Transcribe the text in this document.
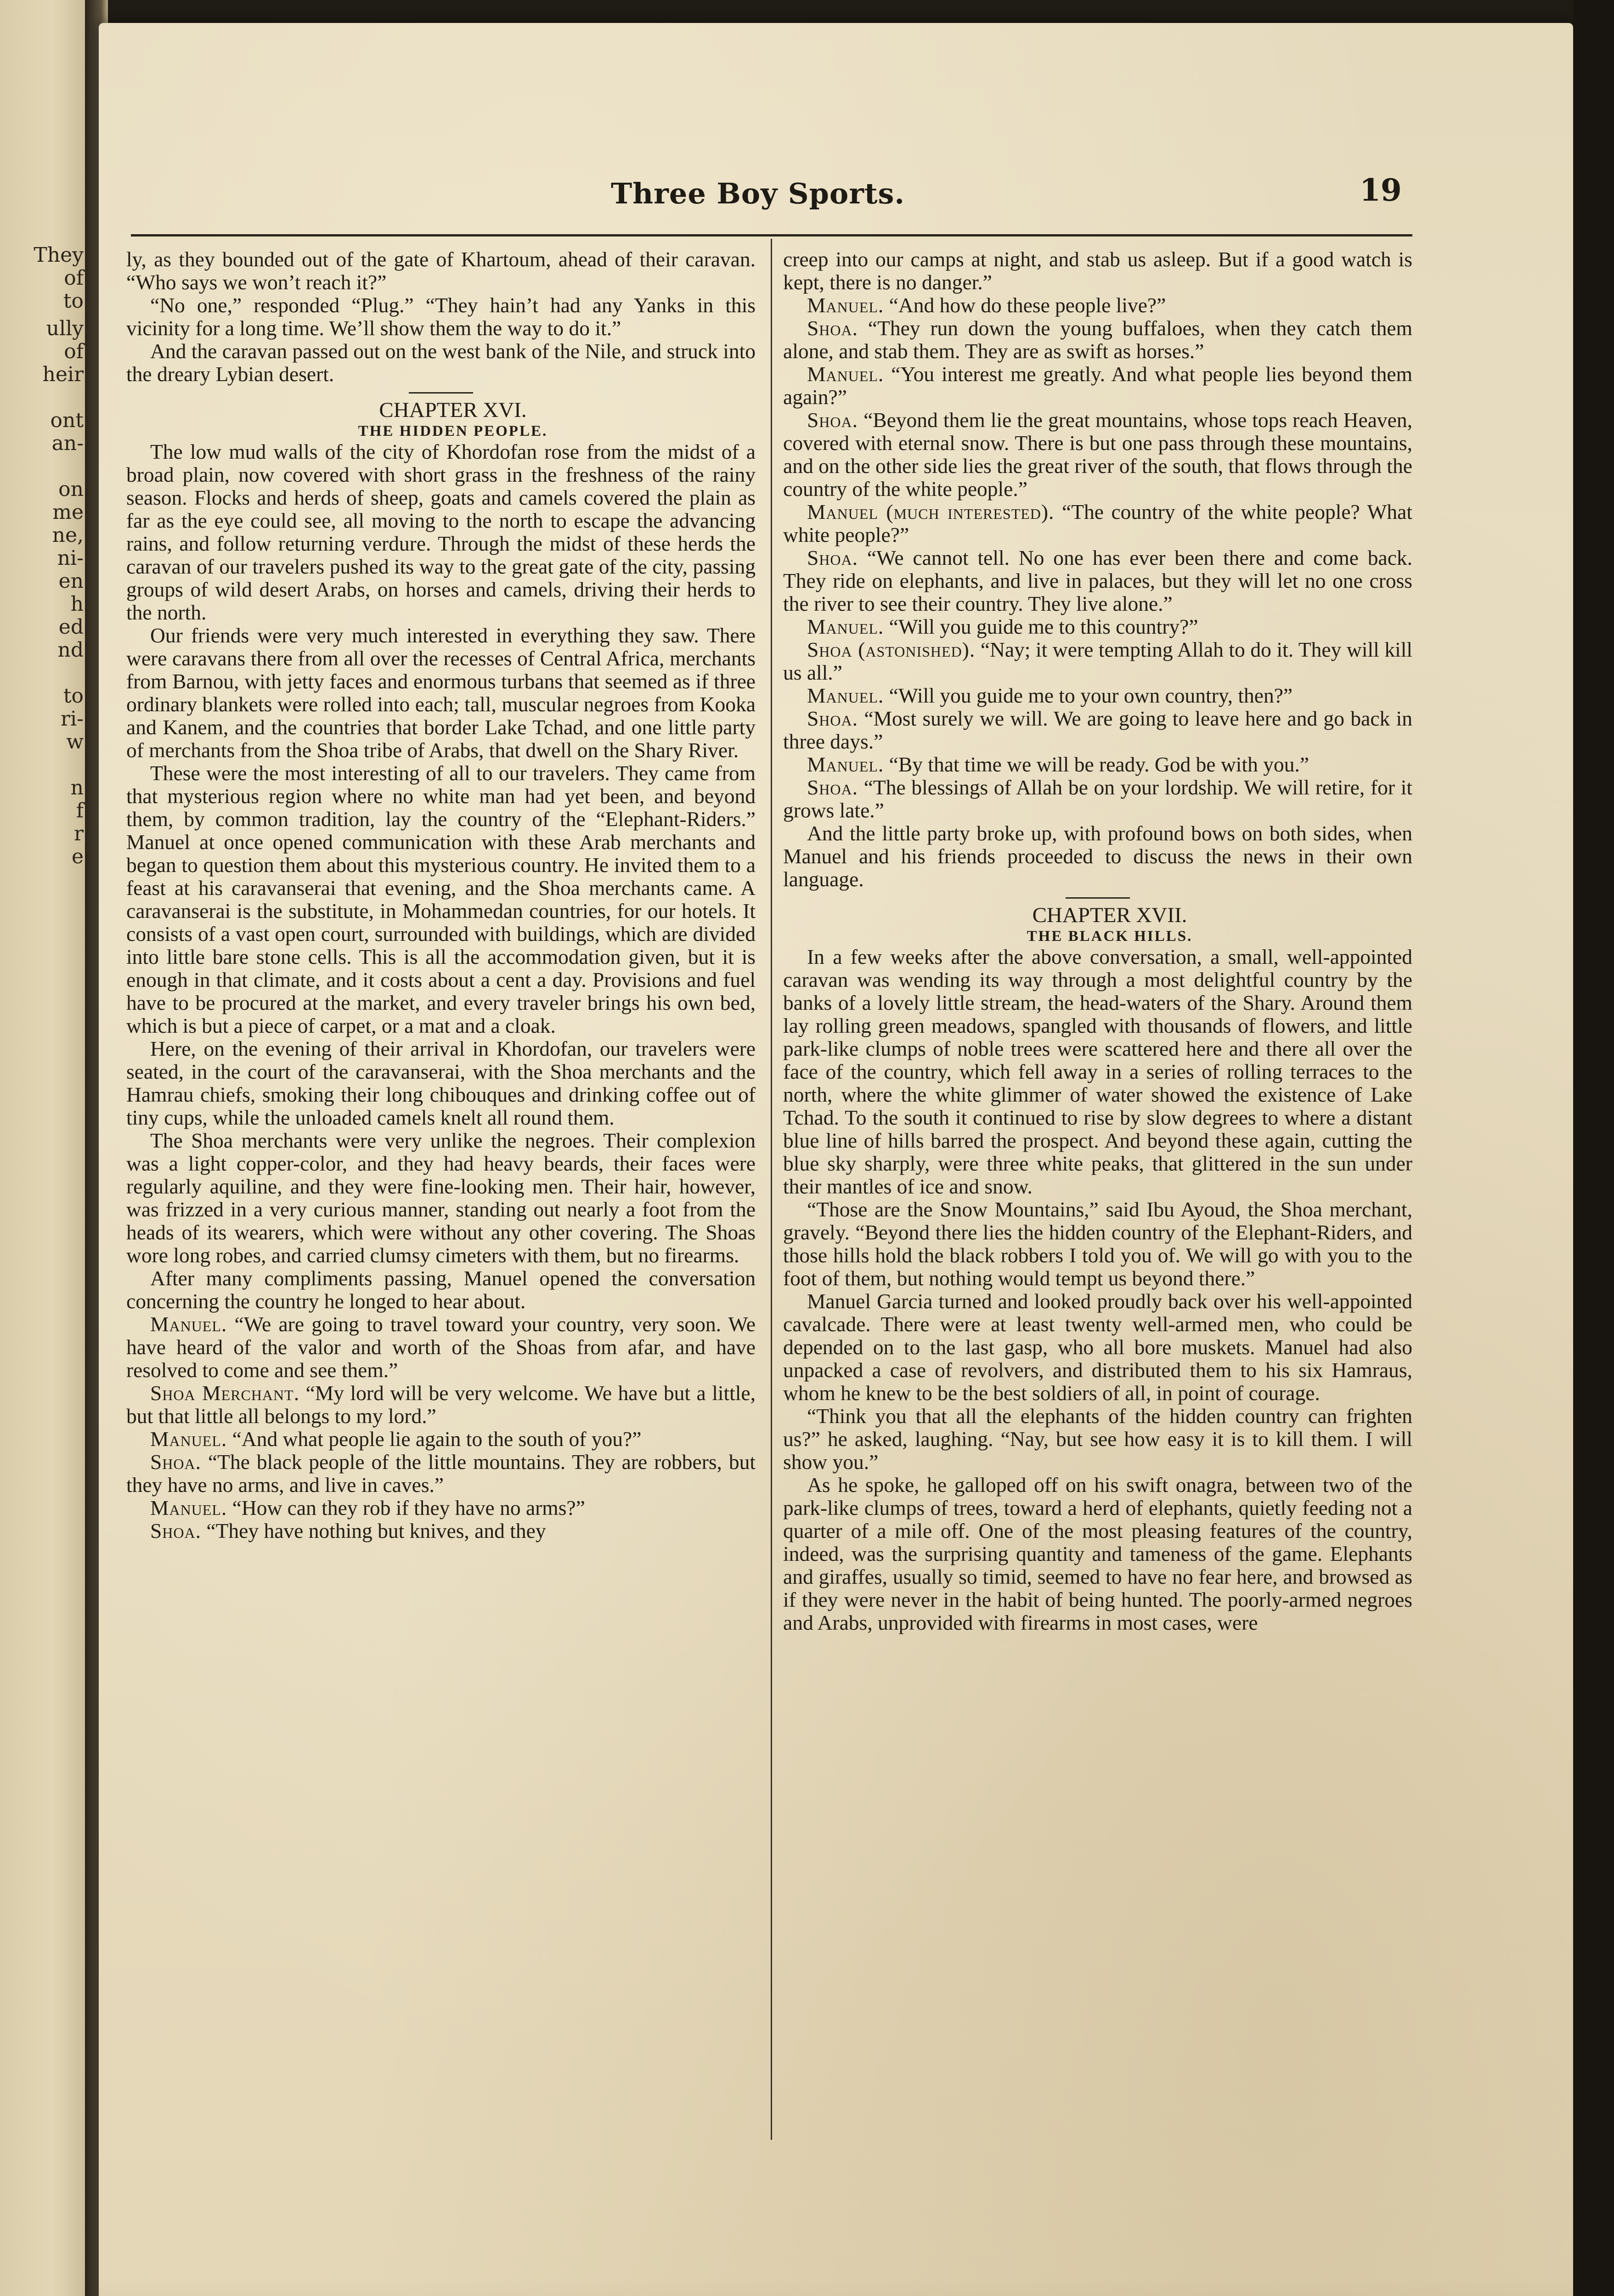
They
of
to
ully
of
heir
ont
an-
on
me
ne,
ni-
en
h
ed
nd
to
ri-
w
n
f
r
e
Three Boy Sports.	19

ly, as they bounded out of the gate of Khartoum, ahead of their caravan. “Who says we won’t reach it?”

“No one,” responded “Plug.” “They hain’t had any Yanks in this vicinity for a long time. We’ll show them the way to do it.”

And the caravan passed out on the west bank of the Nile, and struck into the dreary Lybian desert.

CHAPTER XVI.

THE HIDDEN PEOPLE.

The low mud walls of the city of Khordofan rose from the midst of a broad plain, now covered with short grass in the freshness of the rainy season. Flocks and herds of sheep, goats and camels covered the plain as far as the eye could see, all moving to the north to escape the advancing rains, and follow returning verdure. Through the midst of these herds the caravan of our travelers pushed its way to the great gate of the city, passing groups of wild desert Arabs, on horses and camels, driving their herds to the north.

Our friends were very much interested in everything they saw. There were caravans there from all over the recesses of Central Africa, merchants from Barnou, with jetty faces and enormous turbans that seemed as if three ordinary blankets were rolled into each; tall, muscular negroes from Kooka and Kanem, and the countries that border Lake Tchad, and one little party of merchants from the Shoa tribe of Arabs, that dwell on the Shary River.

These were the most interesting of all to our travelers. They came from that mysterious region where no white man had yet been, and beyond them, by common tradition, lay the country of the “Elephant-Riders.” Manuel at once opened communication with these Arab merchants and began to question them about this mysterious country. He invited them to a feast at his caravanserai that evening, and the Shoa merchants came. A caravanserai is the substitute, in Mohammedan countries, for our hotels. It consists of a vast open court, surrounded with buildings, which are divided into little bare stone cells. This is all the accommodation given, but it is enough in that climate, and it costs about a cent a day. Provisions and fuel have to be procured at the market, and every traveler brings his own bed, which is but a piece of carpet, or a mat and a cloak.

Here, on the evening of their arrival in Khordofan, our travelers were seated, in the court of the caravanserai, with the Shoa merchants and the Hamrau chiefs, smoking their long chibouques and drinking coffee out of tiny cups, while the unloaded camels knelt all round them.

The Shoa merchants were very unlike the negroes. Their complexion was a light copper-color, and they had heavy beards, their faces were regularly aquiline, and they were fine-looking men. Their hair, however, was frizzed in a very curious manner, standing out nearly a foot from the heads of its wearers, which were without any other covering. The Shoas wore long robes, and carried clumsy cimeters with them, but no firearms.

After many compliments passing, Manuel opened the conversation concerning the country he longed to hear about.

Manuel. “We are going to travel toward your country, very soon. We have heard of the valor and worth of the Shoas from afar, and have resolved to come and see them.”

Shoa Merchant. “My lord will be very welcome. We have but a little, but that little all belongs to my lord.”

Manuel. “And what people lie again to the south of you?”

Shoa. “The black people of the little mountains. They are robbers, but they have no arms, and live in caves.”

Manuel. “How can they rob if they have no arms?”

Shoa. “They have nothing but knives, and they

creep into our camps at night, and stab us asleep. But if a good watch is kept, there is no danger.”

Manuel. “And how do these people live?”

Shoa. “They run down the young buffaloes, when they catch them alone, and stab them. They are as swift as horses.”

Manuel. “You interest me greatly. And what people lies beyond them again?”

Shoa. “Beyond them lie the great mountains, whose tops reach Heaven, covered with eternal snow. There is but one pass through these mountains, and on the other side lies the great river of the south, that flows through the country of the white people.”

Manuel (much interested). “The country of the white people? What white people?”

Shoa. “We cannot tell. No one has ever been there and come back. They ride on elephants, and live in palaces, but they will let no one cross the river to see their country. They live alone.”

Manuel. “Will you guide me to this country?”

Shoa (astonished). “Nay; it were tempting Allah to do it. They will kill us all.”

Manuel. “Will you guide me to your own country, then?”

Shoa. “Most surely we will. We are going to leave here and go back in three days.”

Manuel. “By that time we will be ready. God be with you.”

Shoa. “The blessings of Allah be on your lordship. We will retire, for it grows late.”

And the little party broke up, with profound bows on both sides, when Manuel and his friends proceeded to discuss the news in their own language.

CHAPTER XVII.

THE BLACK HILLS.

In a few weeks after the above conversation, a small, well-appointed caravan was wending its way through a most delightful country by the banks of a lovely little stream, the head-waters of the Shary. Around them lay rolling green meadows, spangled with thousands of flowers, and little park-like clumps of noble trees were scattered here and there all over the face of the country, which fell away in a series of rolling terraces to the north, where the white glimmer of water showed the existence of Lake Tchad. To the south it continued to rise by slow degrees to where a distant blue line of hills barred the prospect. And beyond these again, cutting the blue sky sharply, were three white peaks, that glittered in the sun under their mantles of ice and snow.

“Those are the Snow Mountains,” said Ibu Ayoud, the Shoa merchant, gravely. “Beyond there lies the hidden country of the Elephant-Riders, and those hills hold the black robbers I told you of. We will go with you to the foot of them, but nothing would tempt us beyond there.”

Manuel Garcia turned and looked proudly back over his well-appointed cavalcade. There were at least twenty well-armed men, who could be depended on to the last gasp, who all bore muskets. Manuel had also unpacked a case of revolvers, and distributed them to his six Hamraus, whom he knew to be the best soldiers of all, in point of courage.

“Think you that all the elephants of the hidden country can frighten us?” he asked, laughing. “Nay, but see how easy it is to kill them. I will show you.”

As he spoke, he galloped off on his swift onagra, between two of the park-like clumps of trees, toward a herd of elephants, quietly feeding not a quarter of a mile off. One of the most pleasing features of the country, indeed, was the surprising quantity and tameness of the game. Elephants and giraffes, usually so timid, seemed to have no fear here, and browsed as if they were never in the habit of being hunted. The poorly-armed negroes and Arabs, unprovided with firearms in most cases, were
